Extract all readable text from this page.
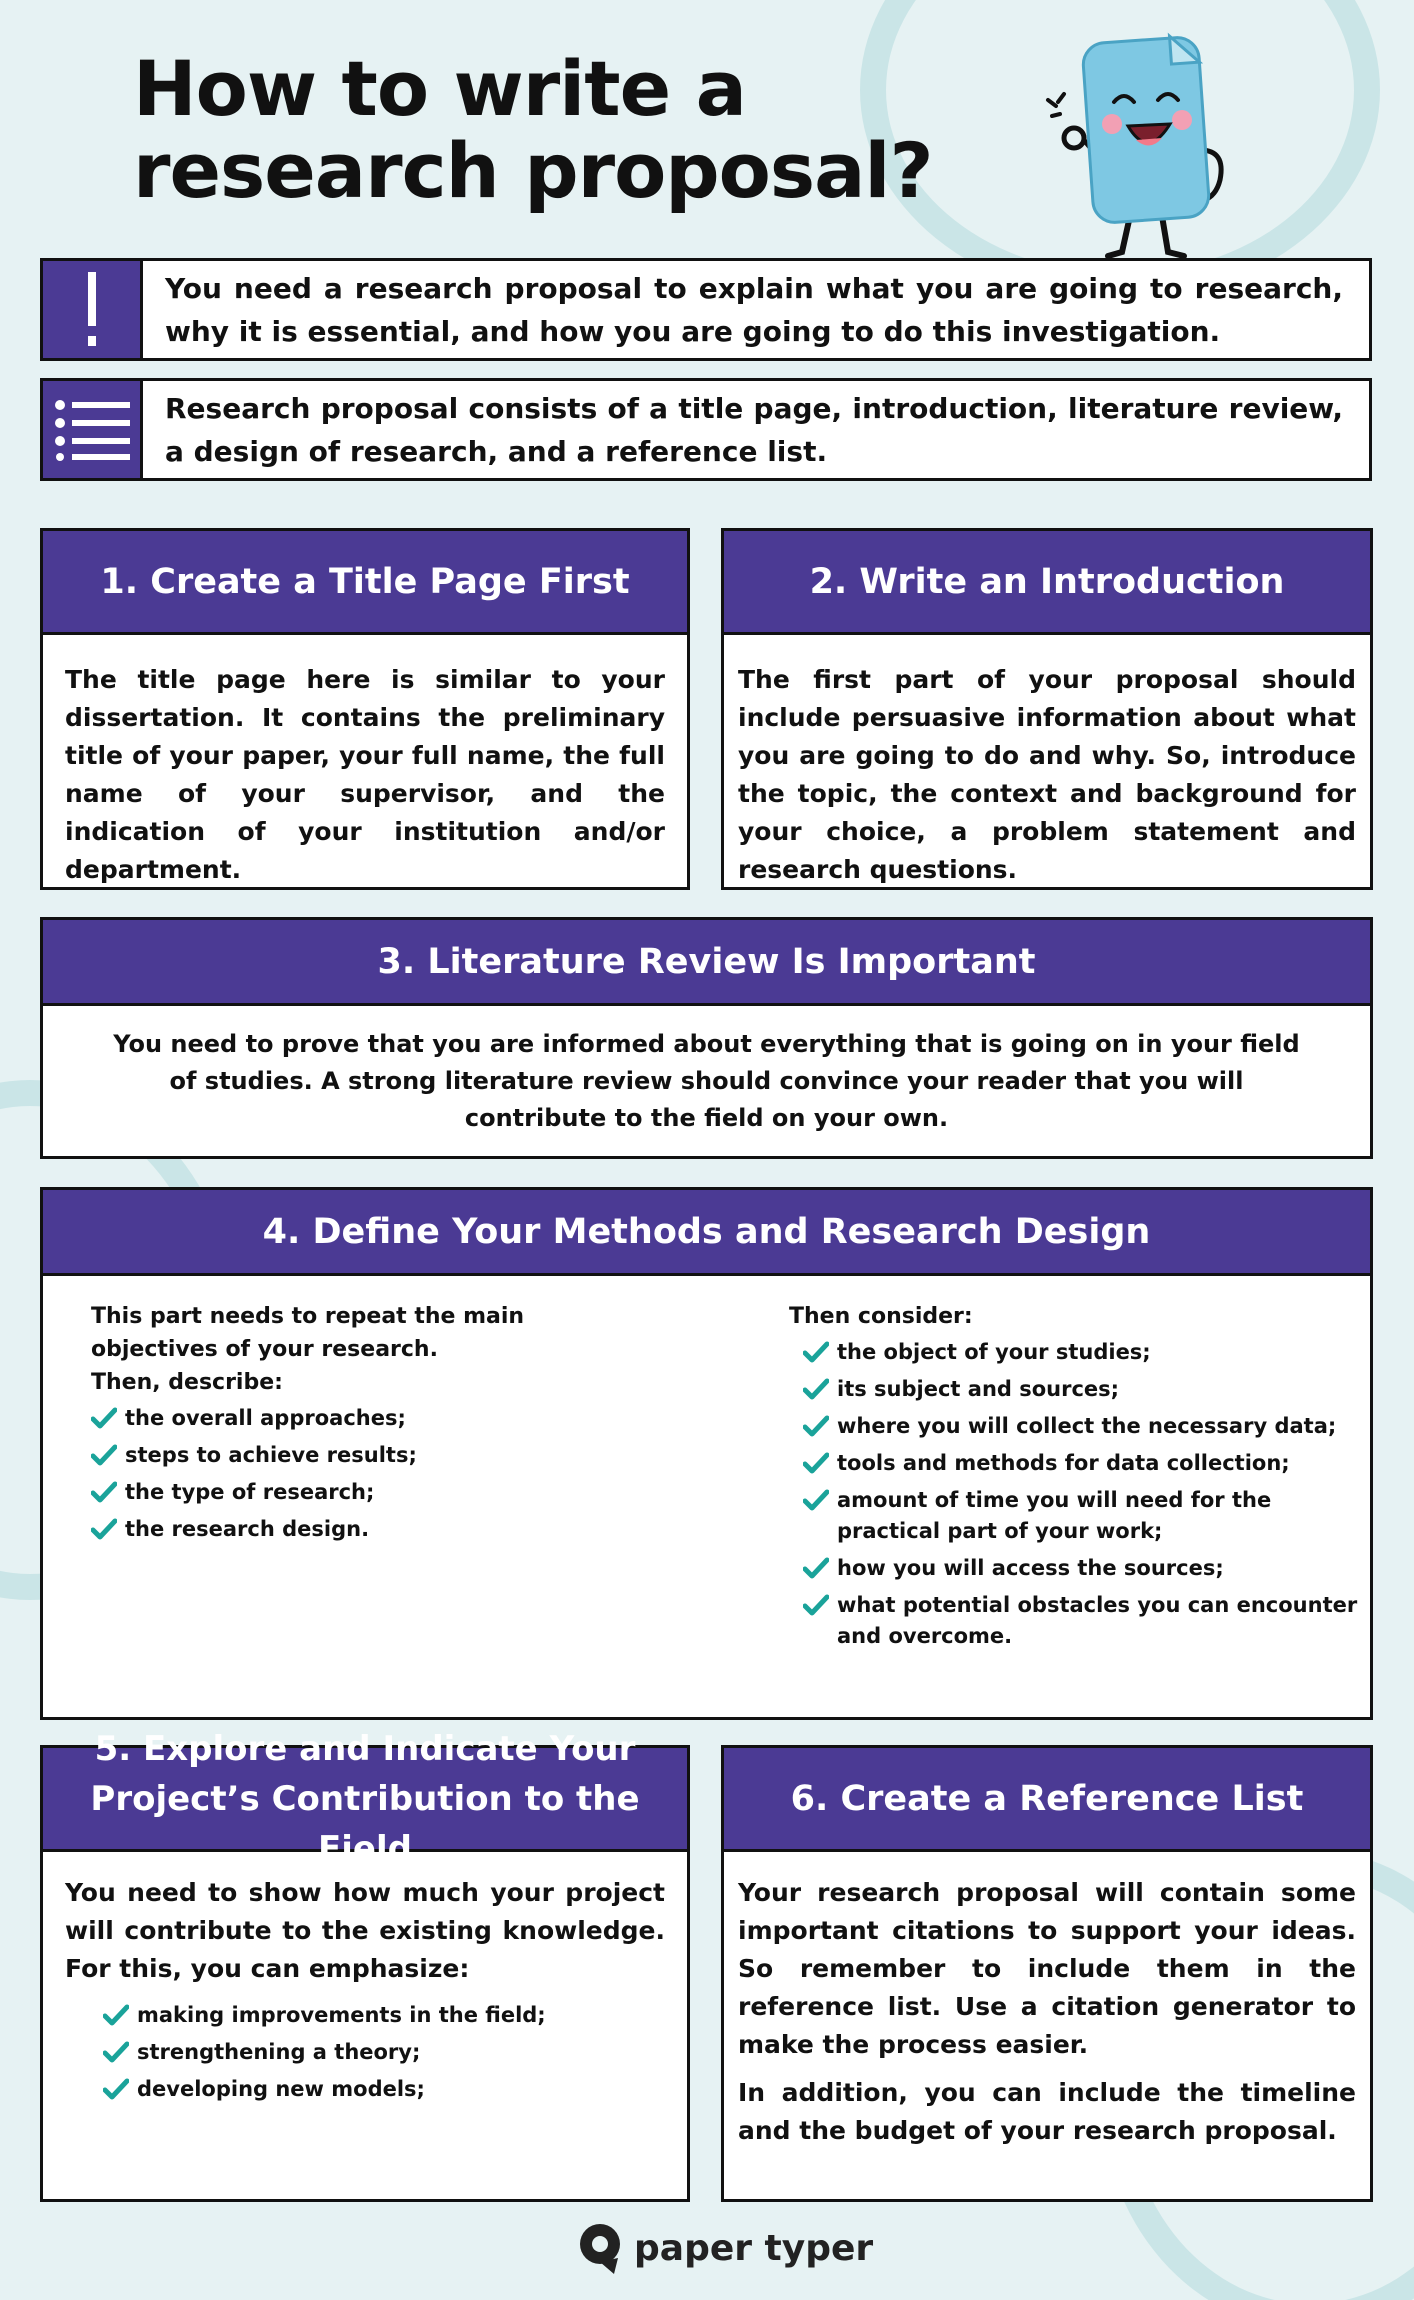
How to write a
research proposal?
You need a research proposal to explain what you are going to research, why it is essential, and how you are going to do this investigation.
Research proposal consists of a title page, introduction, literature review, a design of research, and a reference list.
1. Create a Title Page First
The title page here is similar to your dissertation. It contains the preliminary title of your paper, your full name, the full name of your supervisor, and the indication of your institution and/or department.
2. Write an Introduction
The first part of your proposal should include persuasive information about what you are going to do and why. So, introduce the topic, the context and background for your choice, a problem statement and research questions.
3. Literature Review Is Important
You need to prove that you are informed about everything that is going on in your field of studies. A strong literature review should convince your reader that you will contribute to the field on your own.
4. Define Your Methods and Research Design
This part needs to repeat the main objectives of your research.
Then, describe:
the overall approaches;
steps to achieve results;
the type of research;
the research design.
Then consider:
the object of your studies;
its subject and sources;
where you will collect the necessary data;
tools and methods for data collection;
amount of time you will need for the practical part of your work;
how you will access the sources;
what potential obstacles you can encounter and overcome.
5. Explore and Indicate Your
Project’s Contribution to the Field
You need to show how much your project will contribute to the existing knowledge. For this, you can emphasize:
making improvements in the field;
strengthening a theory;
developing new models;
6. Create a Reference List
Your research proposal will contain some important citations to support your ideas. So remember to include them in the reference list. Use a citation generator to make the process easier.
In addition, you can include the timeline and the budget of your research proposal.
paper typer
